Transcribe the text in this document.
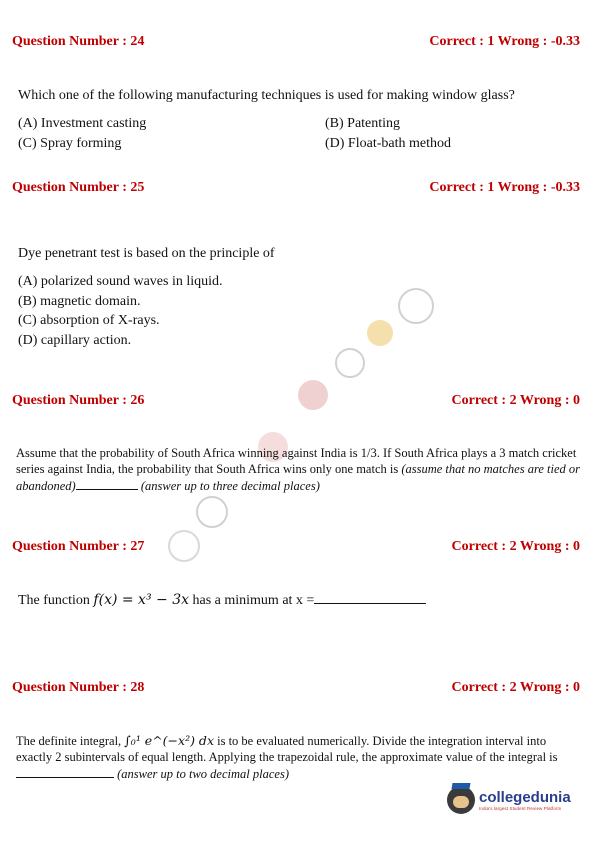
Question Number : 24	Correct : 1 Wrong : -0.33
Which one of the following manufacturing techniques is used for making window glass?
(A) Investment casting	(B) Patenting
(C) Spray forming	(D) Float-bath method
Question Number : 25	Correct : 1 Wrong : -0.33
Dye penetrant test is based on the principle of
(A) polarized sound waves in liquid.
(B) magnetic domain.
(C) absorption of X-rays.
(D) capillary action.
Question Number : 26	Correct : 2 Wrong : 0
Assume that the probability of South Africa winning against India is 1/3. If South Africa plays a 3 match cricket series against India, the probability that South Africa wins only one match is (assume that no matches are tied or abandoned)	(answer up to three decimal places)
Question Number : 27	Correct : 2 Wrong : 0
The function f(x) = x³ − 3x has a minimum at x =
Question Number : 28	Correct : 2 Wrong : 0
The definite integral, ∫₀¹ e^(−x²) dx is to be evaluated numerically. Divide the integration interval into exactly 2 subintervals of equal length. Applying the trapezoidal rule, the approximate value of the integral is  (answer up to two decimal places)
collegedunia
India's largest Student Review Platform
